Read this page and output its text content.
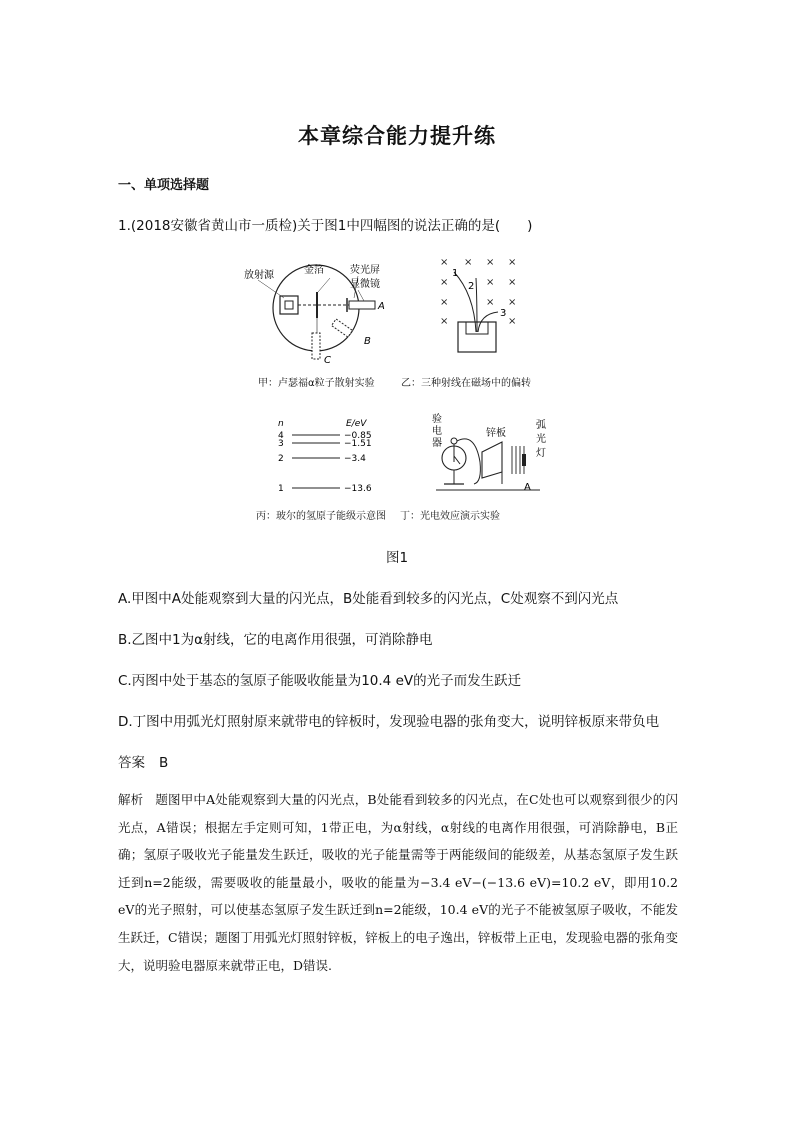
本章综合能力提升练
一、单项选择题
1.(2018安徽省黄山市一质检)关于图1中四幅图的说法正确的是(　　)
放射源	金箔	荧光屏
显微镜
A
B
C
甲：卢瑟福α粒子散射实验
× × × ×
×	× ×
×	× ×
×	×
1
2
3
乙：三种射线在磁场中的偏转
n	E/eV
4	−0.85
3	−1.51
2	−3.4
1	−13.6
丙：玻尔的氢原子能级示意图
验
电
器
锌板
弧
光
灯
A
丁：光电效应演示实验
图1
A.甲图中A处能观察到大量的闪光点，B处能看到较多的闪光点，C处观察不到闪光点
B.乙图中1为α射线，它的电离作用很强，可消除静电
C.丙图中处于基态的氢原子能吸收能量为10.4 eV的光子而发生跃迁
D.丁图中用弧光灯照射原来就带电的锌板时，发现验电器的张角变大，说明锌板原来带负电
答案 B
解析 题图甲中A处能观察到大量的闪光点，B处能看到较多的闪光点，在C处也可以观察到很少的闪光点，A错误；根据左手定则可知，1带正电，为α射线，α射线的电离作用很强，可消除静电，B正确；氢原子吸收光子能量发生跃迁，吸收的光子能量需等于两能级间的能级差，从基态氢原子发生跃迁到n=2能级，需要吸收的能量最小，吸收的能量为−3.4 eV−(−13.6 eV)=10.2 eV，即用10.2 eV的光子照射，可以使基态氢原子发生跃迁到n=2能级，10.4 eV的光子不能被氢原子吸收，不能发生跃迁，C错误；题图丁用弧光灯照射锌板，锌板上的电子逸出，锌板带上正电，发现验电器的张角变大，说明验电器原来就带正电，D错误.
